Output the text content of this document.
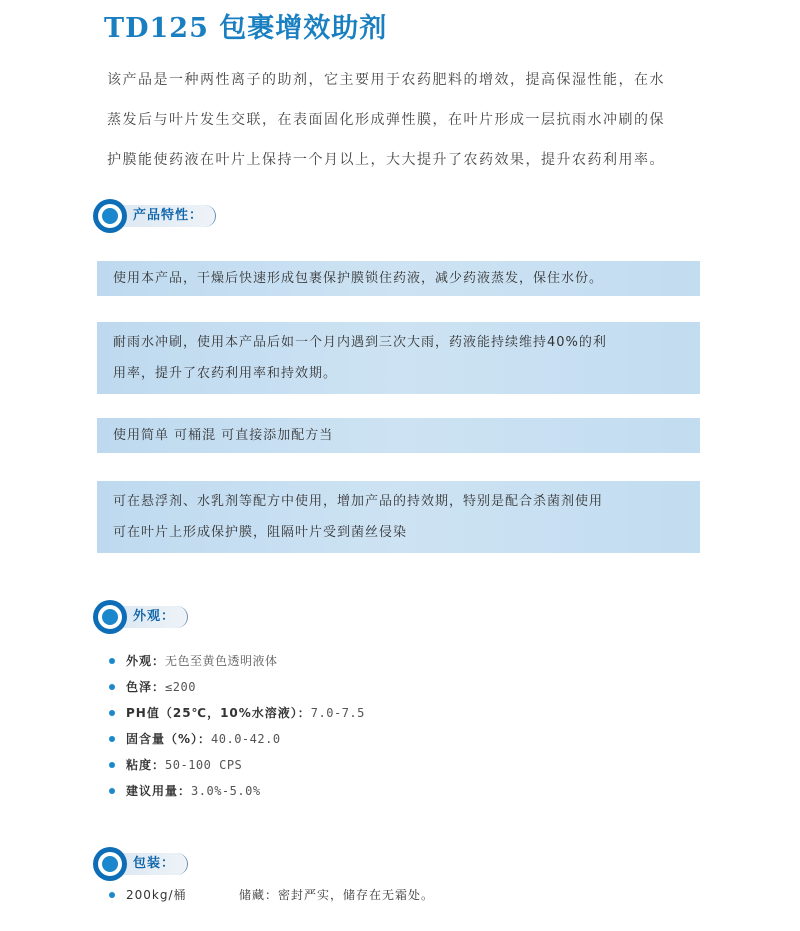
TD125 包裹增效助剂
该产品是一种两性离子的助剂，它主要用于农药肥料的增效，提高保湿性能，在水
蒸发后与叶片发生交联，在表面固化形成弹性膜，在叶片形成一层抗雨水冲刷的保
护膜能使药液在叶片上保持一个月以上，大大提升了农药效果，提升农药利用率。
产品特性：
使用本产品，干燥后快速形成包裹保护膜锁住药液，减少药液蒸发，保住水份。
耐雨水冲刷，使用本产品后如一个月内遇到三次大雨，药液能持续维持40%的利
用率，提升了农药利用率和持效期。
使用简单 可桶混 可直接添加配方当
可在悬浮剂、水乳剂等配方中使用，增加产品的持效期，特别是配合杀菌剂使用
可在叶片上形成保护膜，阻隔叶片受到菌丝侵染
外观：
外观：无色至黄色透明液体
色泽：≤200
PH值（25℃，10%水溶液）：7.0-7.5
固含量（%）：40.0-42.0
粘度：50-100 CPS
建议用量：3.0%-5.0%
包装：
200kg/桶	储藏：密封严实，储存在无霜处。
